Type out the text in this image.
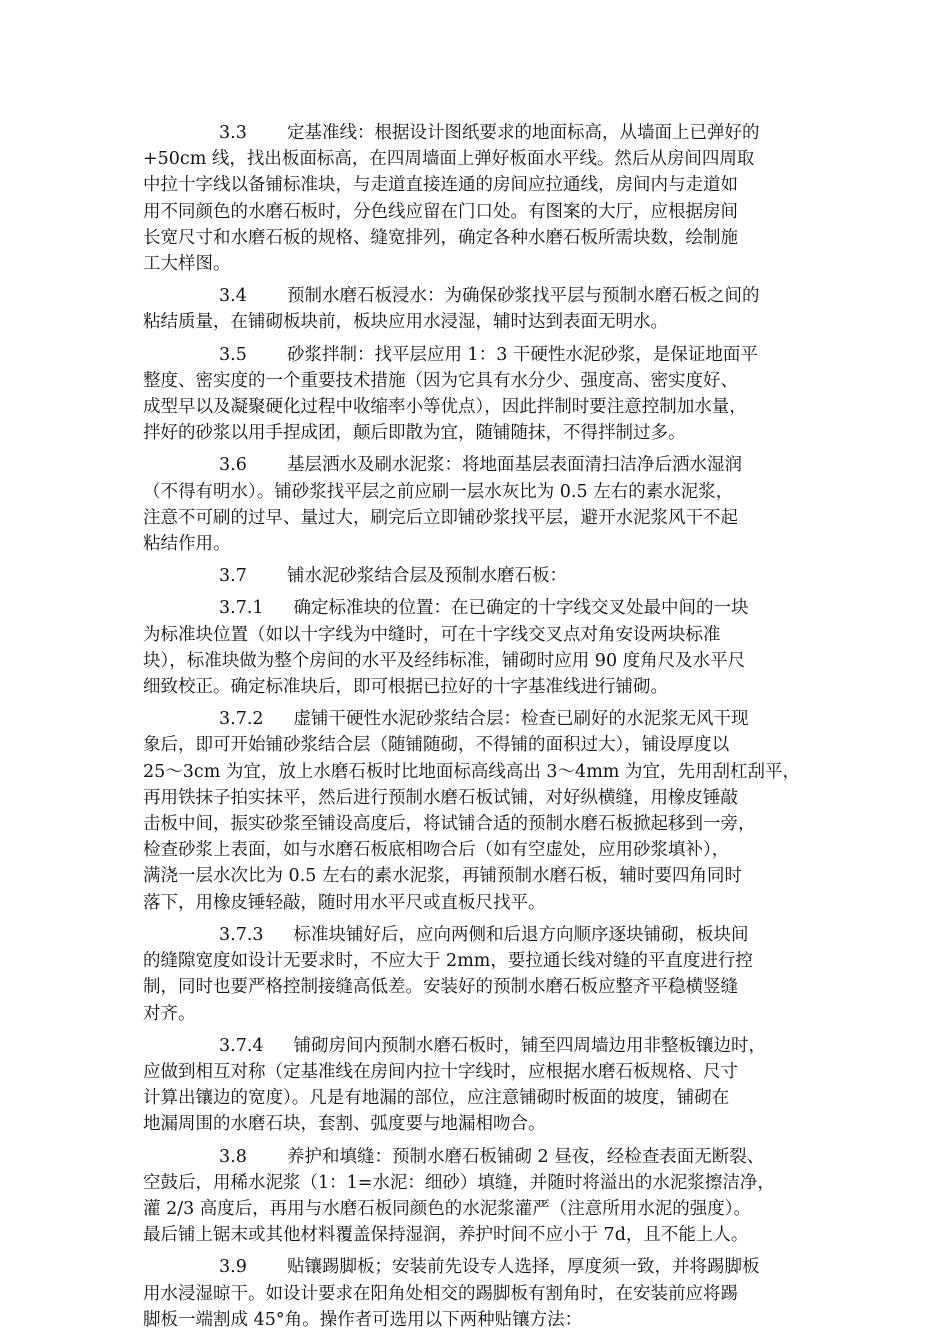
3.3 定基准线：根据设计图纸要求的地面标高，从墙面上已弹好的
+50cm 线，找出板面标高，在四周墙面上弹好板面水平线。然后从房间四周取
中拉十字线以备铺标准块，与走道直接连通的房间应拉通线，房间内与走道如
用不同颜色的水磨石板时，分色线应留在门口处。有图案的大厅，应根据房间
长宽尺寸和水磨石板的规格、缝宽排列，确定各种水磨石板所需块数，绘制施
工大样图。
3.4 预制水磨石板浸水：为确保砂浆找平层与预制水磨石板之间的
粘结质量，在铺砌板块前，板块应用水浸湿，辅时达到表面无明水。
3.5 砂浆拌制：找平层应用 1：3 干硬性水泥砂浆，是保证地面平
整度、密实度的一个重要技术措施（因为它具有水分少、强度高、密实度好、
成型早以及凝聚硬化过程中收缩率小等优点），因此拌制时要注意控制加水量，
拌好的砂浆以用手捏成团，颠后即散为宜，随铺随抹，不得拌制过多。
3.6 基层洒水及刷水泥浆：将地面基层表面清扫洁净后洒水湿润
（不得有明水）。铺砂浆找平层之前应刷一层水灰比为 0.5 左右的素水泥浆，
注意不可刷的过早、量过大，刷完后立即铺砂浆找平层，避开水泥浆风干不起
粘结作用。
3.7 铺水泥砂浆结合层及预制水磨石板：
3.7.1 确定标准块的位置：在已确定的十字线交叉处最中间的一块
为标准块位置（如以十字线为中缝时，可在十字线交叉点对角安设两块标准
块），标准块做为整个房间的水平及经纬标准，铺砌时应用 90 度角尺及水平尺
细致校正。确定标准块后，即可根据已拉好的十字基准线进行铺砌。
3.7.2 虚铺干硬性水泥砂浆结合层：检查已刷好的水泥浆无风干现
象后，即可开始铺砂浆结合层（随铺随砌，不得铺的面积过大），铺设厚度以
25～3cm 为宜，放上水磨石板时比地面标高线高出 3～4mm 为宜，先用刮杠刮平，
再用铁抹子拍实抹平，然后进行预制水磨石板试铺，对好纵横缝，用橡皮锤敲
击板中间，振实砂浆至铺设高度后，将试铺合适的预制水磨石板掀起移到一旁，
检查砂浆上表面，如与水磨石板底相吻合后（如有空虚处，应用砂浆填补），
满浇一层水次比为 0.5 左右的素水泥浆，再铺预制水磨石板，辅时要四角同时
落下，用橡皮锤轻敲，随时用水平尺或直板尺找平。
3.7.3 标准块铺好后，应向两侧和后退方向顺序逐块铺砌，板块间
的缝隙宽度如设计无要求时，不应大于 2mm，要拉通长线对缝的平直度进行控
制，同时也要严格控制接缝高低差。安装好的预制水磨石板应整齐平稳横竖缝
对齐。
3.7.4 铺砌房间内预制水磨石板时，铺至四周墙边用非整板镶边时，
应做到相互对称（定基准线在房间内拉十字线时，应根据水磨石板规格、尺寸
计算出镶边的宽度）。凡是有地漏的部位，应注意铺砌时板面的坡度，铺砌在
地漏周围的水磨石块，套割、弧度要与地漏相吻合。
3.8 养护和填缝：预制水磨石板铺砌 2 昼夜，经检查表面无断裂、
空鼓后，用稀水泥浆（1：1=水泥：细砂）填缝，并随时将溢出的水泥浆擦洁净，
灌 2/3 高度后，再用与水磨石板同颜色的水泥浆灌严（注意所用水泥的强度）。
最后铺上锯末或其他材料覆盖保持湿润，养护时间不应小于 7d，且不能上人。
3.9 贴镶踢脚板；安装前先设专人选择，厚度须一致，并将踢脚板
用水浸湿晾干。如设计要求在阳角处相交的踢脚板有割角时，在安装前应将踢
脚板一端割成 45°角。操作者可选用以下两种贴镶方法：
